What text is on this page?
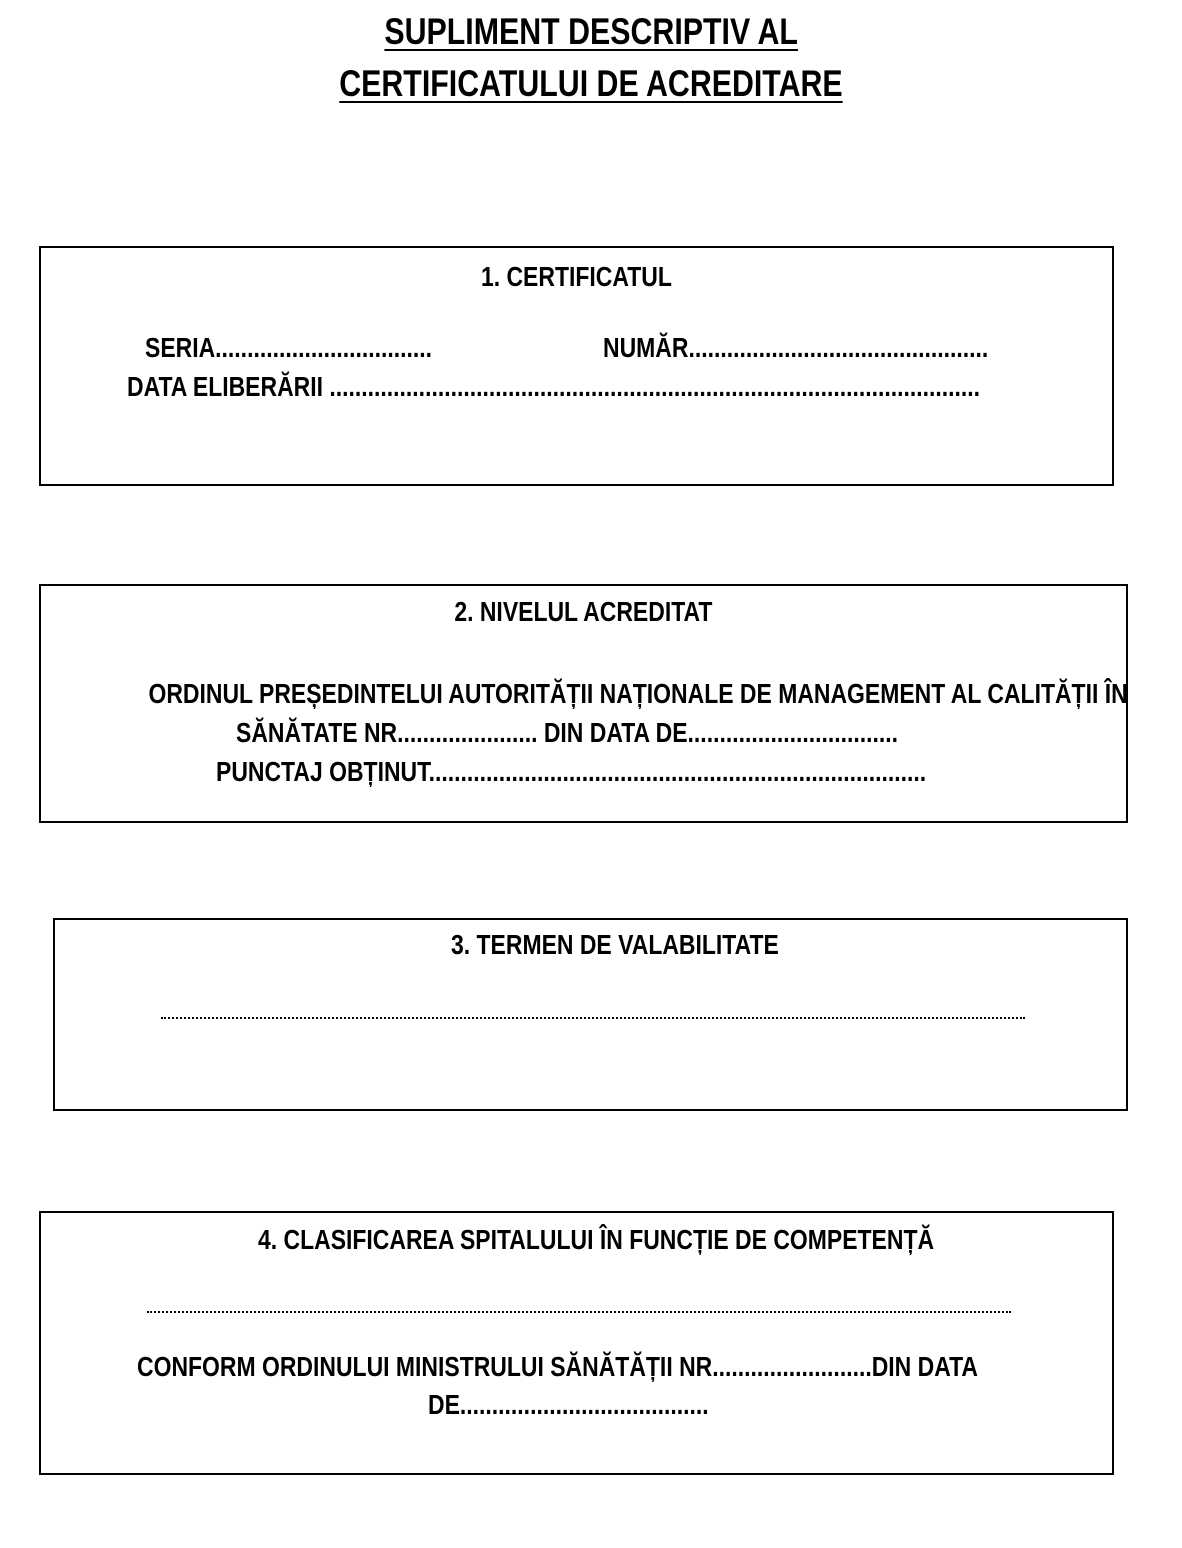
SUPLIMENT DESCRIPTIV AL
CERTIFICATULUI DE ACREDITARE
1. CERTIFICATUL
SERIA..................................	NUMĂR...............................................
DATA ELIBERĂRII ......................................................................................................
2. NIVELUL ACREDITAT
ORDINUL PREȘEDINTELUI AUTORITĂȚII NAȚIONALE DE MANAGEMENT AL CALITĂȚII ÎN
SĂNĂTATE NR...................... DIN DATA DE.................................
PUNCTAJ OBȚINUT..............................................................................
3. TERMEN DE VALABILITATE
4. CLASIFICAREA SPITALULUI ÎN FUNCȚIE DE COMPETENȚĂ
CONFORM ORDINULUI MINISTRULUI SĂNĂTĂȚII NR.........................DIN DATA
DE.......................................
